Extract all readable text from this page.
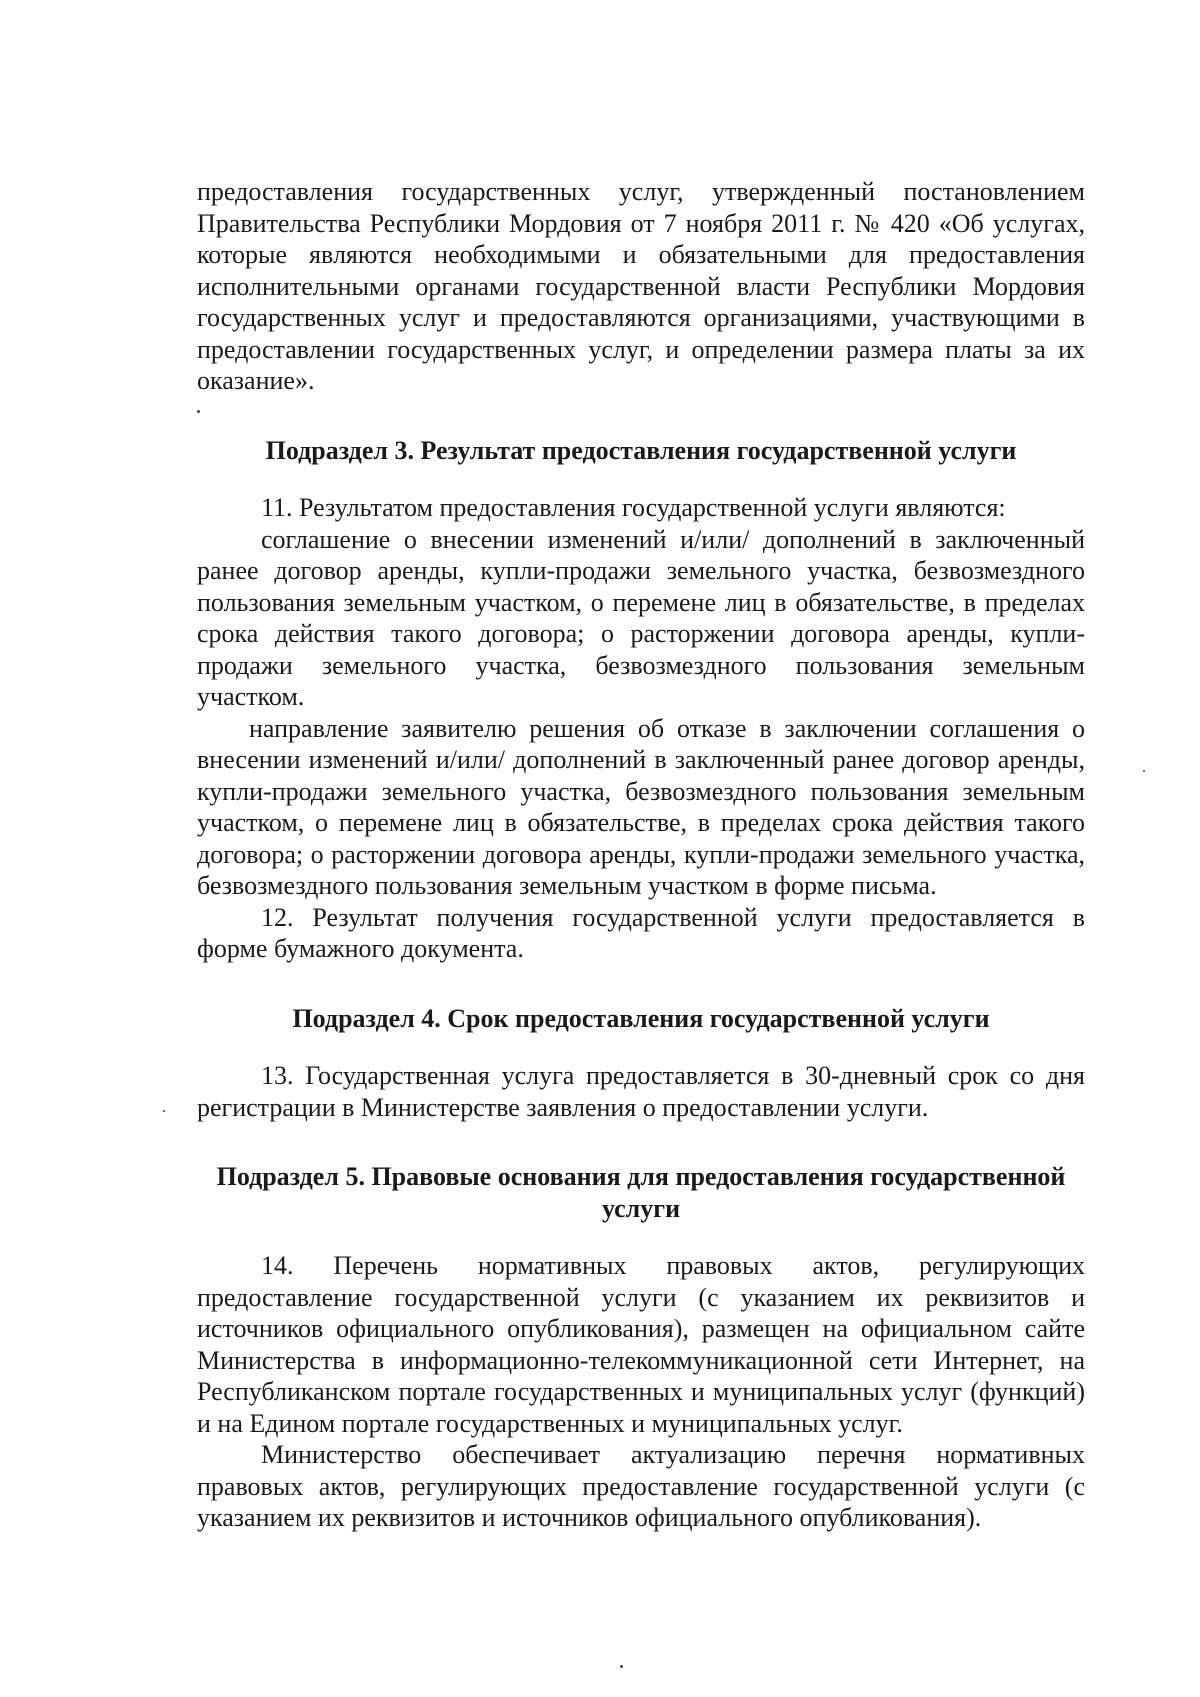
предоставления государственных услуг, утвержденный постановлением Правительства Республики Мордовия от 7 ноября 2011 г. № 420 «Об услугах, которые являются необходимыми и обязательными для предоставления исполнительными органами государственной власти Республики Мордовия государственных услуг и предоставляются организациями, участвующими в предоставлении государственных услуг, и определении размера платы за их оказание».

Подраздел 3. Результат предоставления государственной услуги

11. Результатом предоставления государственной услуги являются:

соглашение о внесении изменений и/или/ дополнений в заключенный ранее договор аренды, купли-продажи земельного участка, безвозмездного пользования земельным участком, о перемене лиц в обязательстве, в пределах срока действия такого договора; о расторжении договора аренды, купли-продажи земельного участка, безвозмездного пользования земельным участком.

направление заявителю решения об отказе в заключении соглашения о внесении изменений и/или/ дополнений в заключенный ранее договор аренды, купли-продажи земельного участка, безвозмездного пользования земельным участком, о перемене лиц в обязательстве, в пределах срока действия такого договора; о расторжении договора аренды, купли-продажи земельного участка, безвозмездного пользования земельным участком в форме письма.

12. Результат получения государственной услуги предоставляется в форме бумажного документа.

Подраздел 4. Срок предоставления государственной услуги

13. Государственная услуга предоставляется в 30-дневный срок со дня регистрации в Министерстве заявления о предоставлении услуги.

Подраздел 5. Правовые основания для предоставления государственной услуги

14. Перечень нормативных правовых актов, регулирующих предоставление государственной услуги (с указанием их реквизитов и источников официального опубликования), размещен на официальном сайте Министерства в информационно-телекоммуникационной сети Интернет, на Республиканском портале государственных и муниципальных услуг (функций) и на Едином портале государственных и муниципальных услуг.

Министерство обеспечивает актуализацию перечня нормативных правовых актов, регулирующих предоставление государственной услуги (с указанием их реквизитов и источников официального опубликования).
